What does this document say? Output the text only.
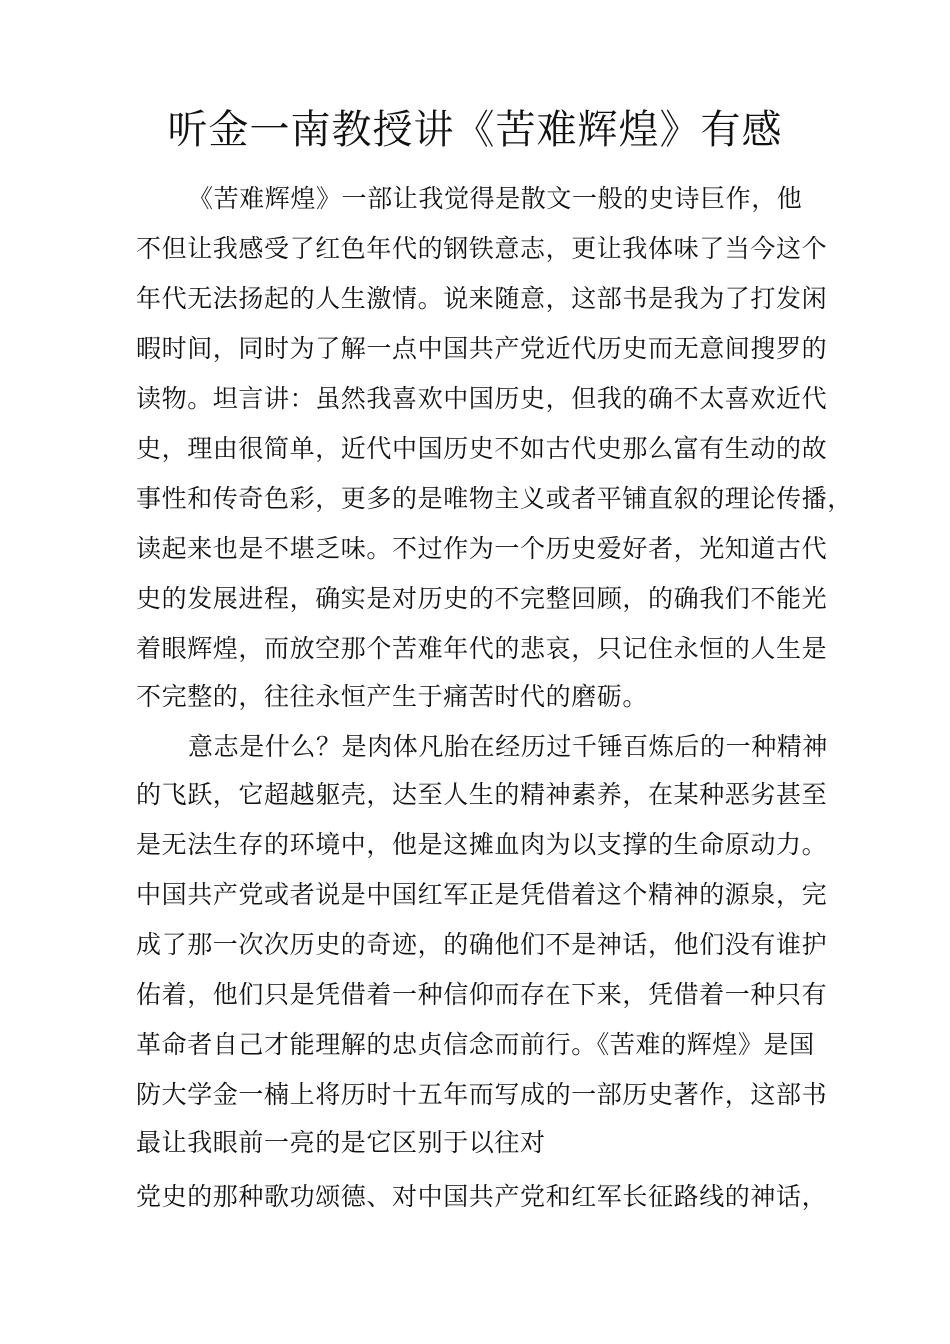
听金一南教授讲《苦难辉煌》有感
《苦难辉煌》一部让我觉得是散文一般的史诗巨作，他
不但让我感受了红色年代的钢铁意志，更让我体味了当今这个
年代无法扬起的人生激情。说来随意，这部书是我为了打发闲
暇时间，同时为了解一点中国共产党近代历史而无意间搜罗的
读物。坦言讲：虽然我喜欢中国历史，但我的确不太喜欢近代
史，理由很简单，近代中国历史不如古代史那么富有生动的故
事性和传奇色彩，更多的是唯物主义或者平铺直叙的理论传播，
读起来也是不堪乏味。不过作为一个历史爱好者，光知道古代
史的发展进程，确实是对历史的不完整回顾，的确我们不能光
着眼辉煌，而放空那个苦难年代的悲哀，只记住永恒的人生是
不完整的，往往永恒产生于痛苦时代的磨砺。
意志是什么？是肉体凡胎在经历过千锤百炼后的一种精神
的飞跃，它超越躯壳，达至人生的精神素养，在某种恶劣甚至
是无法生存的环境中，他是这摊血肉为以支撑的生命原动力。
中国共产党或者说是中国红军正是凭借着这个精神的源泉，完
成了那一次次历史的奇迹，的确他们不是神话，他们没有谁护
佑着，他们只是凭借着一种信仰而存在下来，凭借着一种只有
革命者自己才能理解的忠贞信念而前行。《苦难的辉煌》是国
防大学金一楠上将历时十五年而写成的一部历史著作，这部书
最让我眼前一亮的是它区别于以往对
党史的那种歌功颂德、对中国共产党和红军长征路线的神话，
